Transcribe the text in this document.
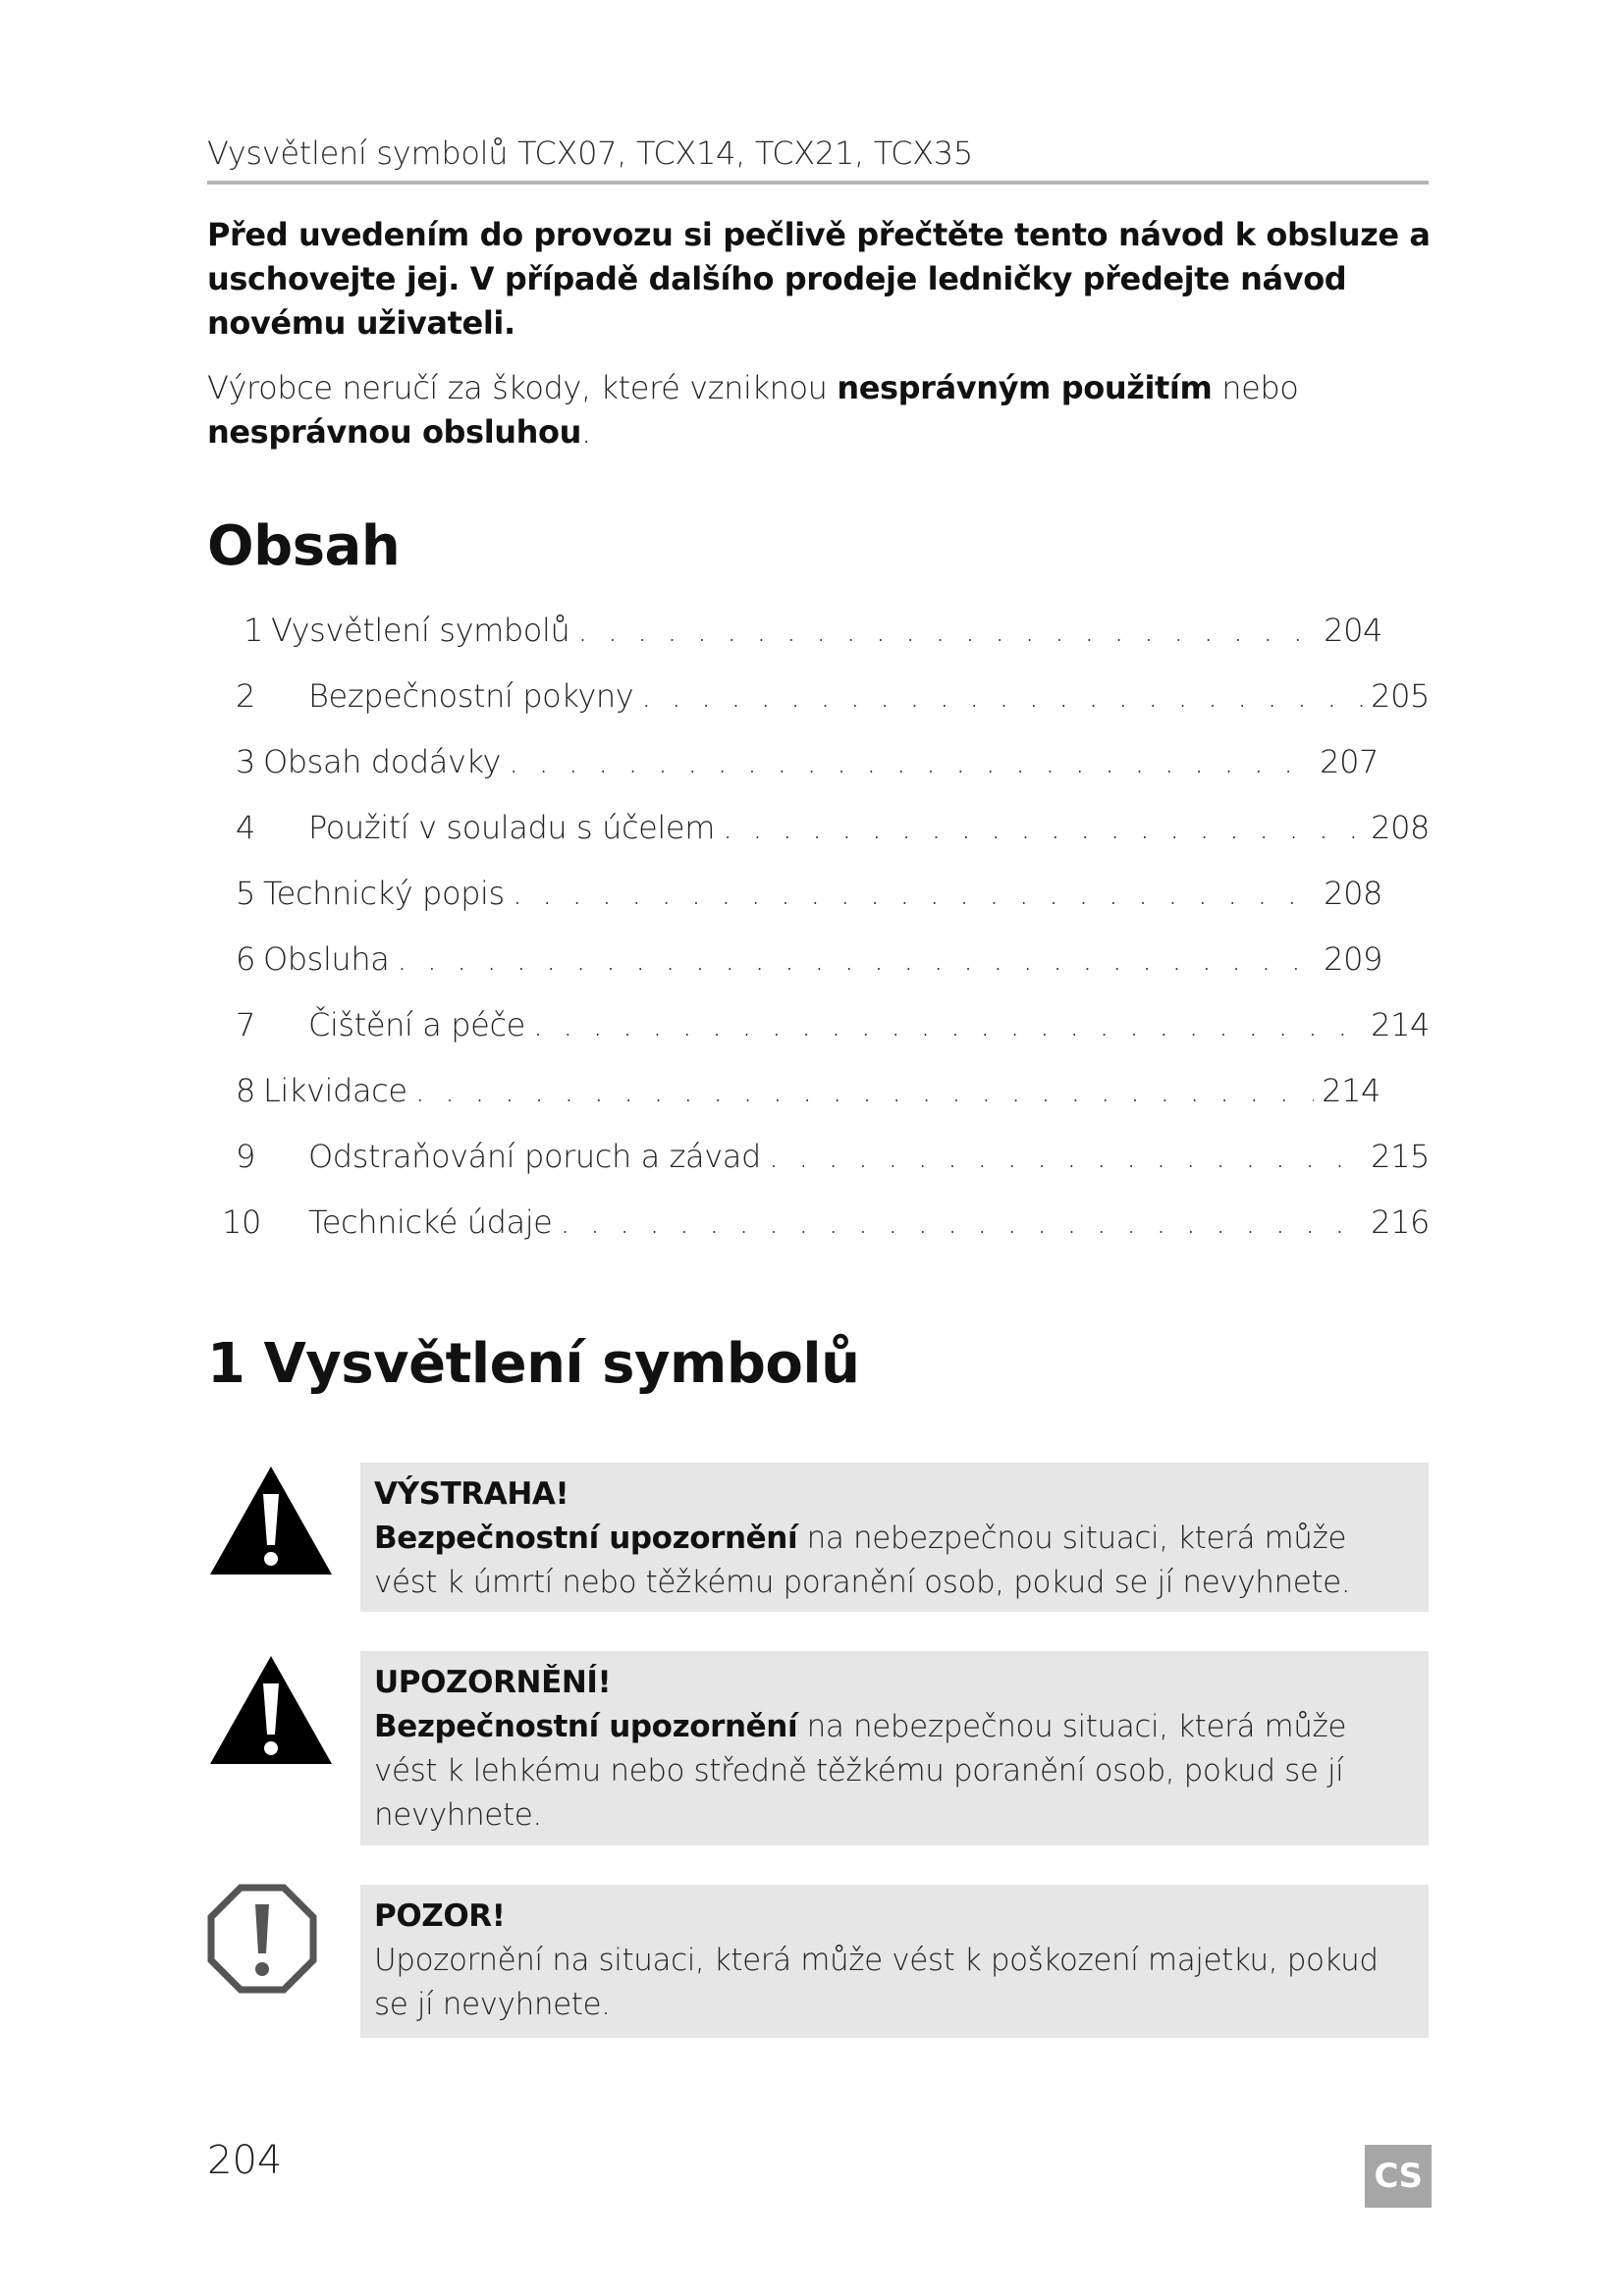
Vysvětlení symbolů TCX07, TCX14, TCX21, TCX35
Před uvedením do provozu si pečlivě přečtěte tento návod k obsluze a uschovejte jej. V případě dalšího prodeje ledničky předejte návod novému uživateli.
Výrobce neručí za škody, které vzniknou nesprávným použitím nebo nesprávnou obsluhou.
Obsah
1 Vysvětlení symbolů . . .	204
2	Bezpečnostní pokyny . . .	205
3 Obsah dodávky . . .	207
4	Použití v souladu s účelem . . .	208
5 Technický popis . . .	208
6 Obsluha . . .	209
7	Čištění a péče . . .	214
8 Likvidace . . .	214
9	Odstraňování poruch a závad . . .	215
10	Technické údaje . . .	216
1 Vysvětlení symbolů
VÝSTRAHA!
Bezpečnostní upozornění na nebezpečnou situaci, která může vést k úmrtí nebo těžkému poranění osob, pokud se jí nevyhnete.
UPOZORNĚNÍ!
Bezpečnostní upozornění na nebezpečnou situaci, která může vést k lehkému nebo středně těžkému poranění osob, pokud se jí nevyhnete.
POZOR!
Upozornění na situaci, která může vést k poškození majetku, pokud se jí nevyhnete.
204	CS
